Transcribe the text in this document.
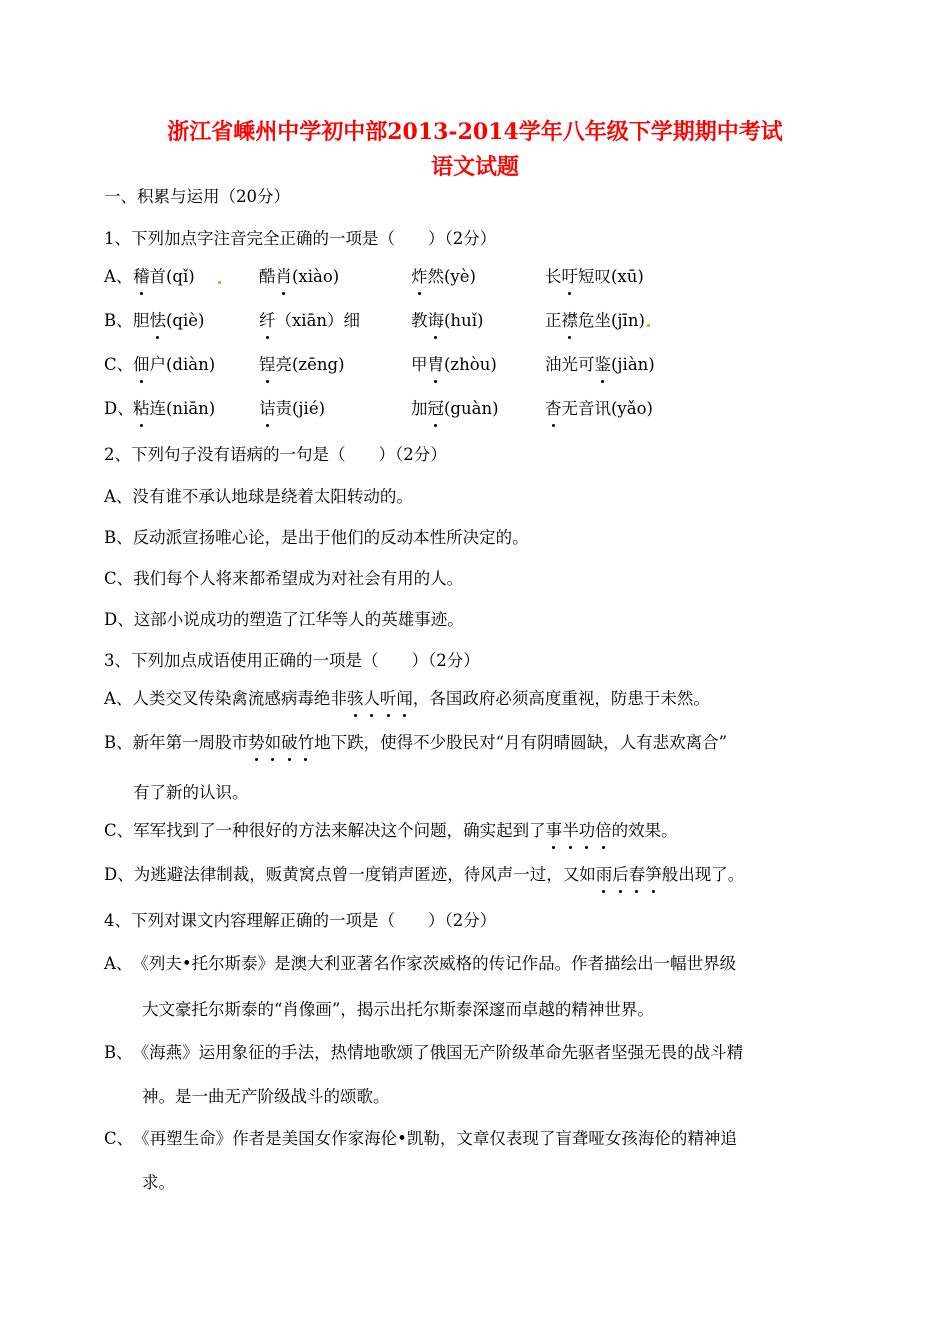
浙江省嵊州中学初中部2013-2014学年八年级下学期期中考试
语文试题
一、积累与运用（20分）
1、下列加点字注音完全正确的一项是（　　）（2分）
A、 稽首(qǐ)	酷肖(xiào)	炸然(yè)	长吁短叹(xū)
B、 胆怯(qiè)	纤（xiān）细	教诲(huǐ)	正襟危坐(jīn)
C、 佃户(diàn)	锃亮(zēng)	甲胄(zhòu)	油光可鉴(jiàn)
D、 粘连(niān)	诘责(jié)	加冠(guàn)	杳无音讯(yǎo)
2、下列句子没有语病的一句是（　　）（2分）
A、没有谁不承认地球是绕着太阳转动的。
B、反动派宣扬唯心论，是出于他们的反动本性所决定的。
C、我们每个人将来都希望成为对社会有用的人。
D、这部小说成功的塑造了江华等人的英雄事迹。
3、下列加点成语使用正确的一项是（　　）（2分）
A、人类交叉传染禽流感病毒绝非骇人听闻，各国政府必须高度重视，防患于未然。
B、新年第一周股市势如破竹地下跌，使得不少股民对“月有阴晴圆缺，人有悲欢离合”
有了新的认识。
C、军军找到了一种很好的方法来解决这个问题，确实起到了事半功倍的效果。
D、为逃避法律制裁，贩黄窝点曾一度销声匿迹，待风声一过，又如雨后春笋般出现了。
4、下列对课文内容理解正确的一项是（　　）（2分）
A、　《列夫•托尔斯泰》是澳大利亚著名作家茨威格的传记作品。作者描绘出一幅世界级
大文豪托尔斯泰的“肖像画”，揭示出托尔斯泰深邃而卓越的精神世界。
B、　《海燕》运用象征的手法，热情地歌颂了俄国无产阶级革命先驱者坚强无畏的战斗精
神。是一曲无产阶级战斗的颂歌。
C、　《再塑生命》作者是美国女作家海伦•凯勒，文章仅表现了盲聋哑女孩海伦的精神追
求。
